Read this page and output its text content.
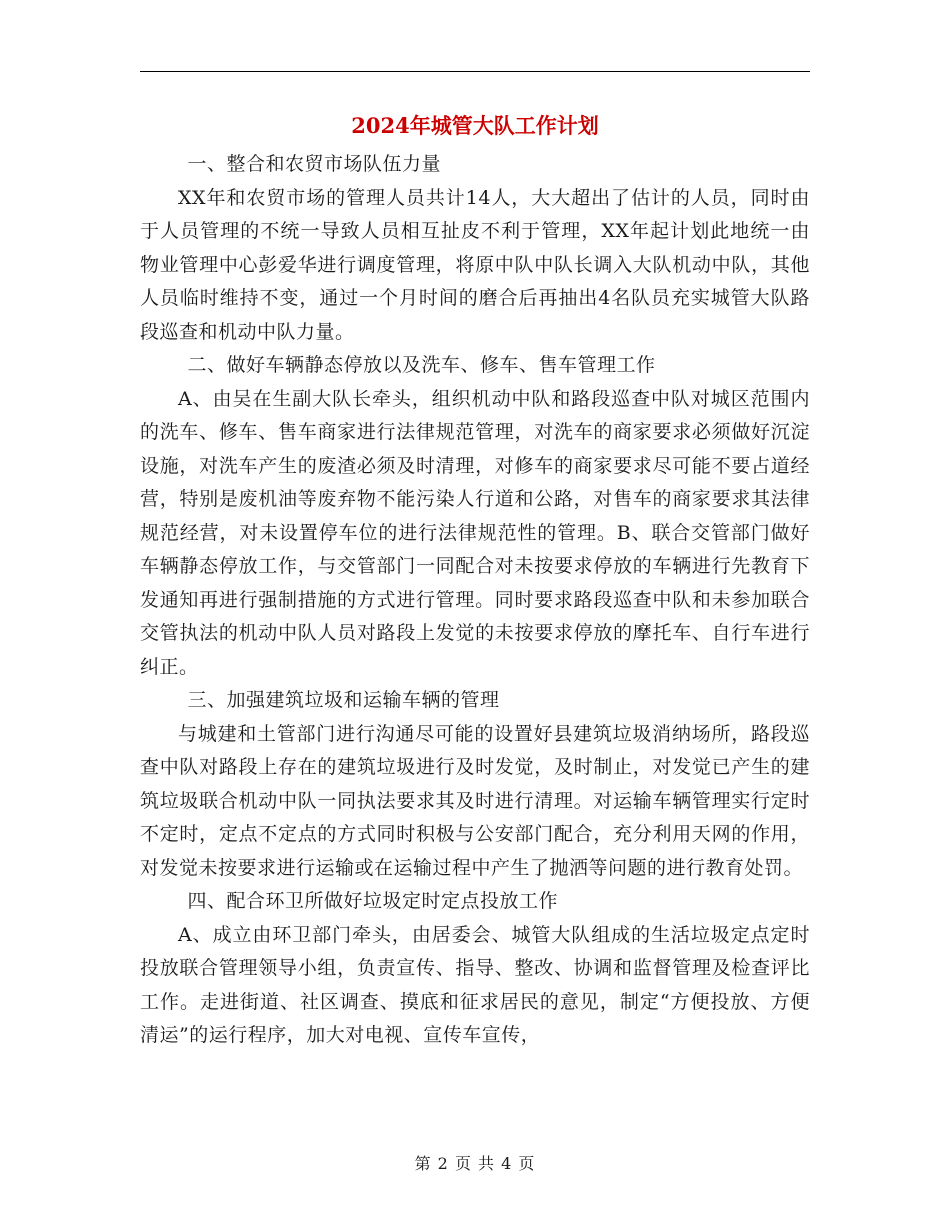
2024年城管大队工作计划

一、整合和农贸市场队伍力量

XX年和农贸市场的管理人员共计14人，大大超出了估计的人员，同时由于人员管理的不统一导致人员相互扯皮不利于管理，XX年起计划此地统一由物业管理中心彭爱华进行调度管理，将原中队中队长调入大队机动中队，其他人员临时维持不变，通过一个月时间的磨合后再抽出4名队员充实城管大队路段巡查和机动中队力量。

二、做好车辆静态停放以及洗车、修车、售车管理工作

A、由吴在生副大队长牵头，组织机动中队和路段巡查中队对城区范围内的洗车、修车、售车商家进行法律规范管理，对洗车的商家要求必须做好沉淀设施，对洗车产生的废渣必须及时清理，对修车的商家要求尽可能不要占道经营，特别是废机油等废弃物不能污染人行道和公路，对售车的商家要求其法律规范经营，对未设置停车位的进行法律规范性的管理。B、联合交管部门做好车辆静态停放工作，与交管部门一同配合对未按要求停放的车辆进行先教育下发通知再进行强制措施的方式进行管理。同时要求路段巡查中队和未参加联合交管执法的机动中队人员对路段上发觉的未按要求停放的摩托车、自行车进行纠正。

三、加强建筑垃圾和运输车辆的管理

与城建和土管部门进行沟通尽可能的设置好县建筑垃圾消纳场所，路段巡查中队对路段上存在的建筑垃圾进行及时发觉，及时制止，对发觉已产生的建筑垃圾联合机动中队一同执法要求其及时进行清理。对运输车辆管理实行定时不定时，定点不定点的方式同时积极与公安部门配合，充分利用天网的作用，对发觉未按要求进行运输或在运输过程中产生了抛洒等问题的进行教育处罚。

四、配合环卫所做好垃圾定时定点投放工作

A、成立由环卫部门牵头，由居委会、城管大队组成的生活垃圾定点定时投放联合管理领导小组，负责宣传、指导、整改、协调和监督管理及检查评比工作。走进街道、社区调查、摸底和征求居民的意见，制定“方便投放、方便清运”的运行程序，加大对电视、宣传车宣传，

第 2 页 共 4 页
